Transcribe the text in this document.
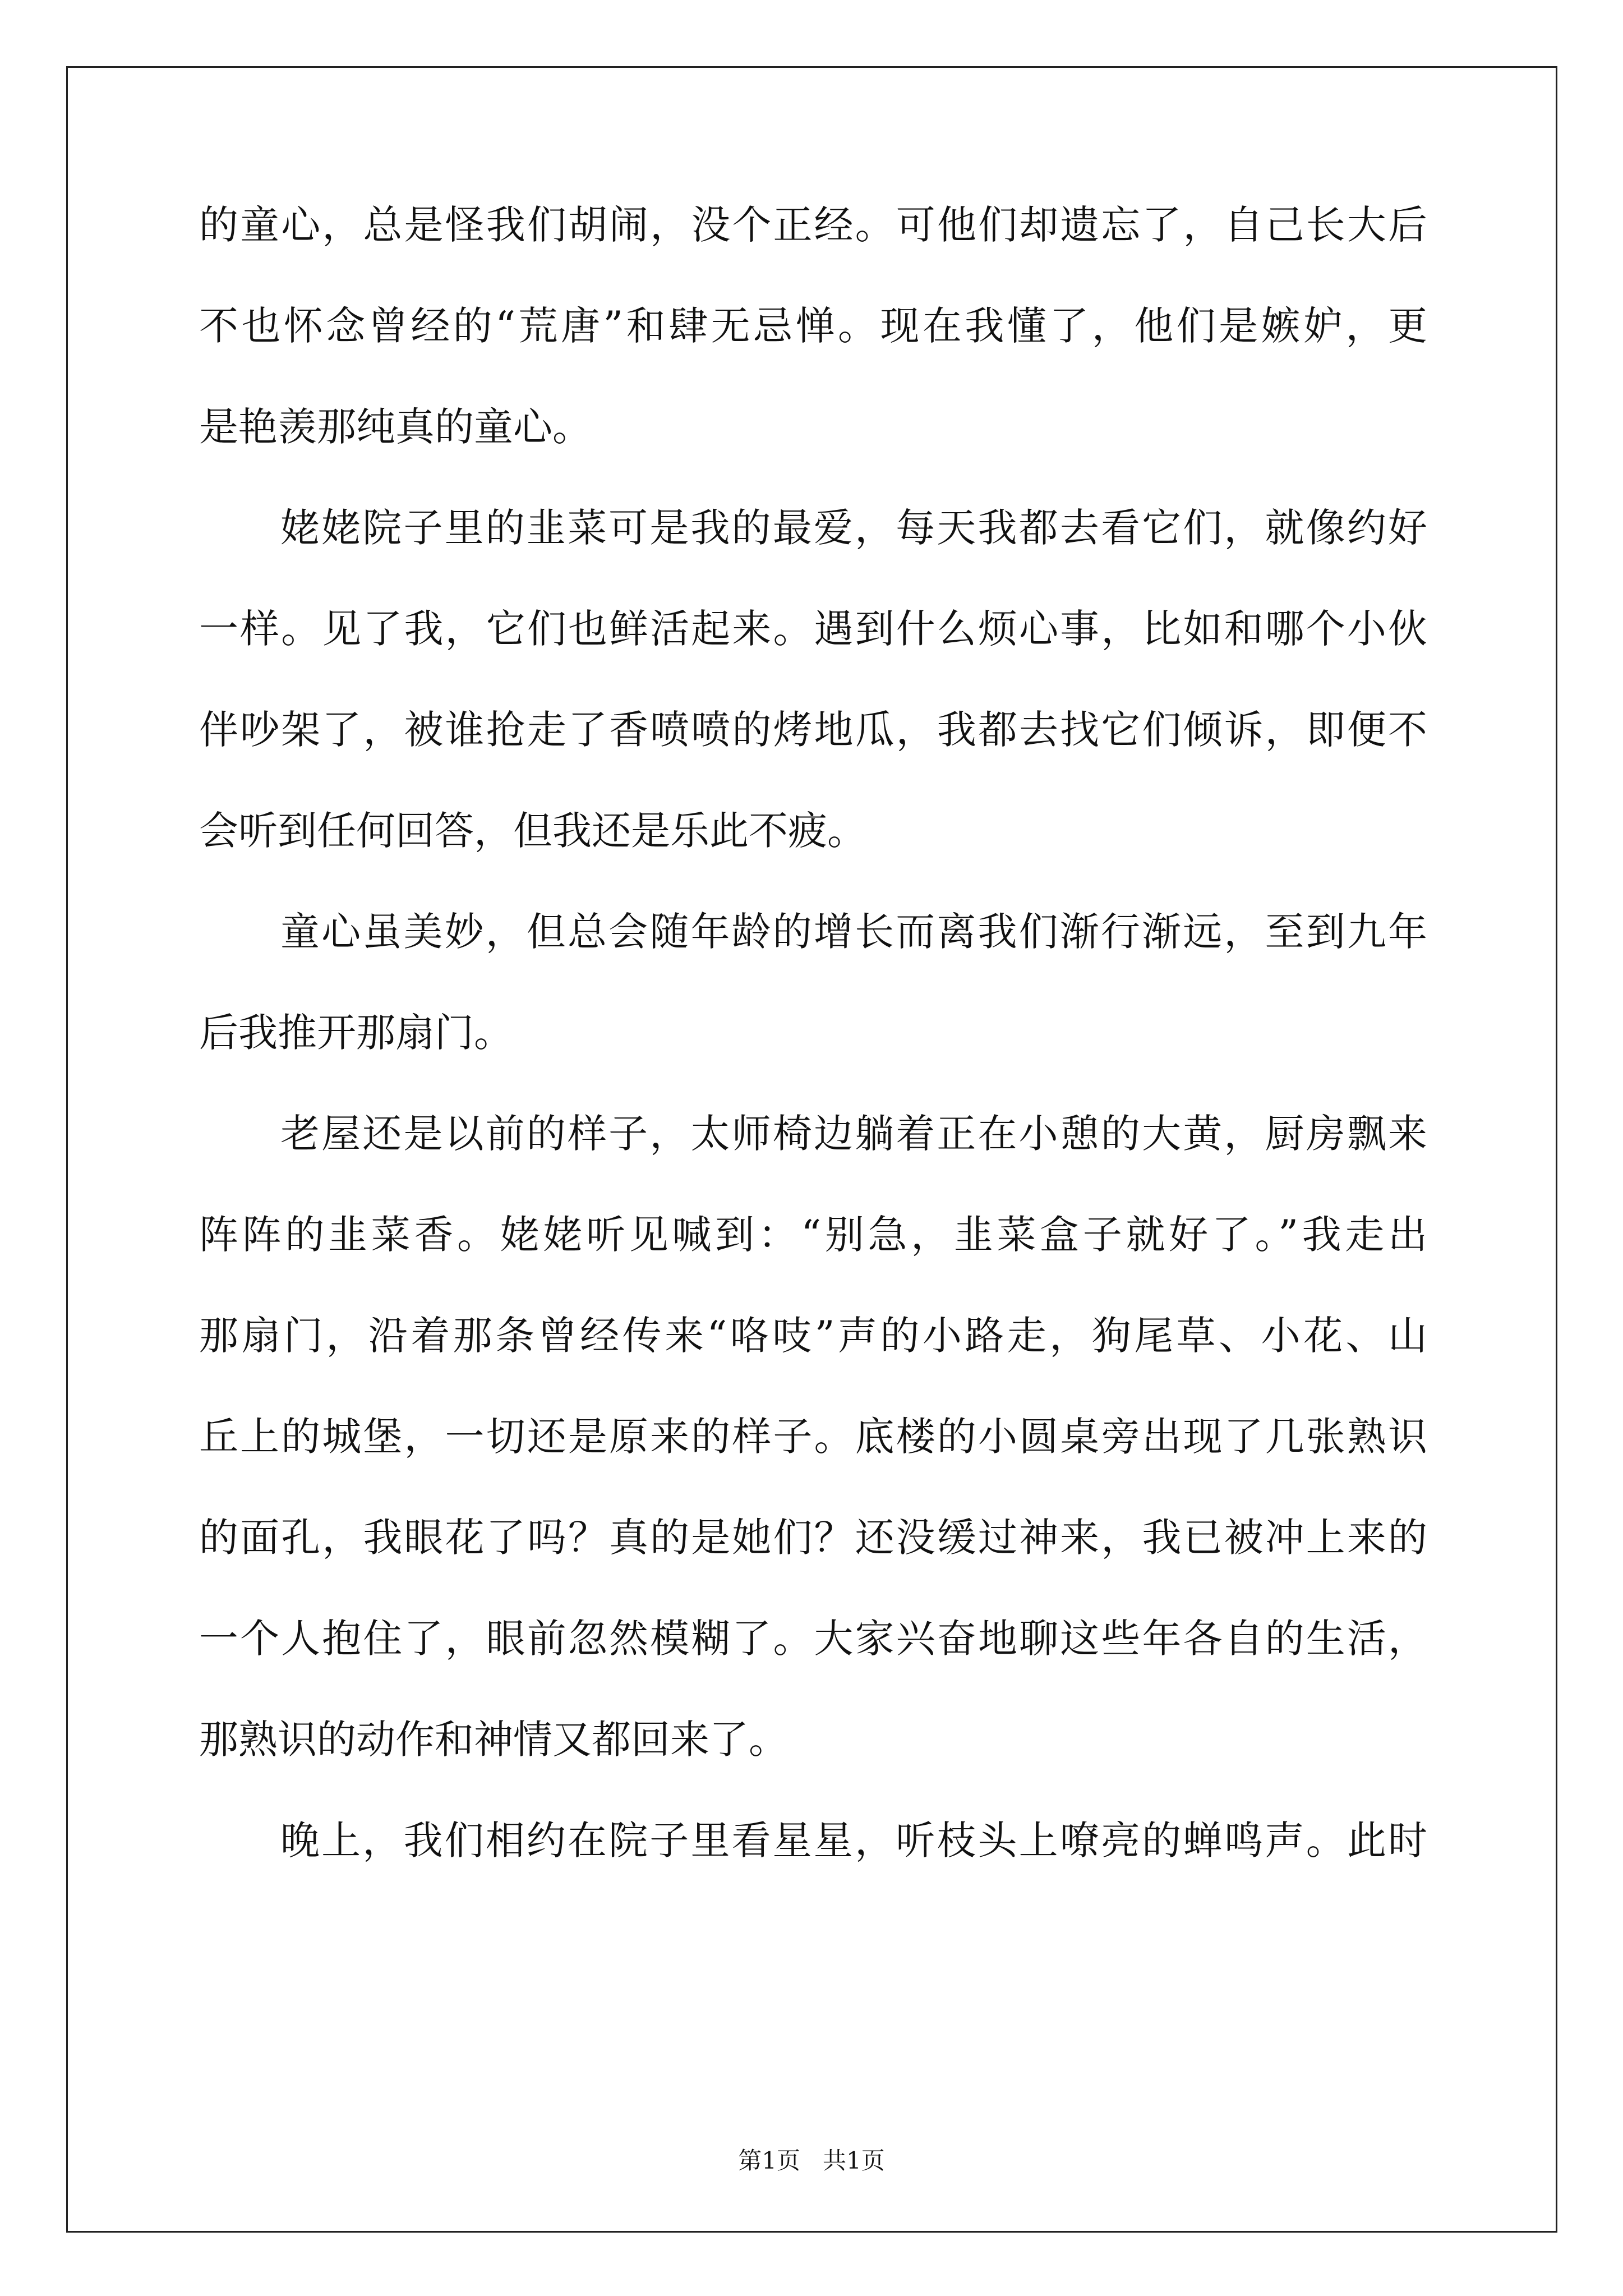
的童心，总是怪我们胡闹，没个正经。可他们却遗忘了，自己长大后
不也怀念曾经的“荒唐”和肆无忌惮。现在我懂了，他们是嫉妒，更
是艳羡那纯真的童心。
姥姥院子里的韭菜可是我的最爱，每天我都去看它们，就像约好
一样。见了我，它们也鲜活起来。遇到什么烦心事，比如和哪个小伙
伴吵架了，被谁抢走了香喷喷的烤地瓜，我都去找它们倾诉，即便不
会听到任何回答，但我还是乐此不疲。
童心虽美妙，但总会随年龄的增长而离我们渐行渐远，至到九年
后我推开那扇门。
老屋还是以前的样子，太师椅边躺着正在小憩的大黄，厨房飘来
阵阵的韭菜香。姥姥听见喊到：“别急，韭菜盒子就好了。”我走出
那扇门，沿着那条曾经传来“咯吱”声的小路走，狗尾草、小花、山
丘上的城堡，一切还是原来的样子。底楼的小圆桌旁出现了几张熟识
的面孔，我眼花了吗？真的是她们？还没缓过神来，我已被冲上来的
一个人抱住了，眼前忽然模糊了。大家兴奋地聊这些年各自的生活，
那熟识的动作和神情又都回来了。
晚上，我们相约在院子里看星星，听枝头上嘹亮的蝉鸣声。此时
第1页   共1页
